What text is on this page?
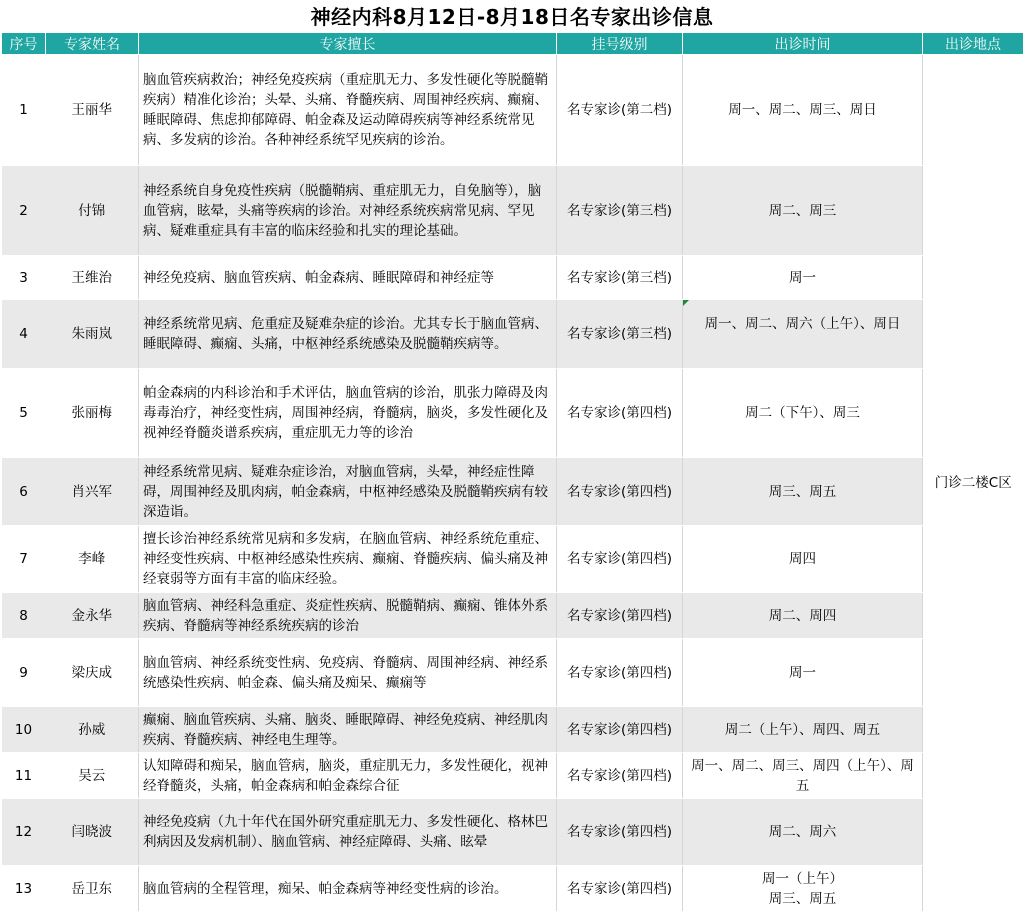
神经内科8月12日-8月18日名专家出诊信息
序号	专家姓名	专家擅长	挂号级别	出诊时间	出诊地点
1	王丽华	脑血管疾病救治；神经免疫疾病（重症肌无力、多发性硬化等脱髓鞘疾病）精准化诊治；头晕、头痛、脊髓疾病、周围神经疾病、癫痫、睡眠障碍、焦虑抑郁障碍、帕金森及运动障碍疾病等神经系统常见病、多发病的诊治。各种神经系统罕见疾病的诊治。	名专家诊(第二档)	周一、周二、周三、周日	门诊二楼C区
2	付锦	神经系统自身免疫性疾病（脱髓鞘病、重症肌无力，自免脑等），脑血管病，眩晕，头痛等疾病的诊治。对神经系统疾病常见病、罕见病、疑难重症具有丰富的临床经验和扎实的理论基础。	名专家诊(第三档)	周二、周三	
3	王维治	神经免疫病、脑血管疾病、帕金森病、睡眠障碍和神经症等	名专家诊(第三档)	周一	
4	朱雨岚	神经系统常见病、危重症及疑难杂症的诊治。尤其专长于脑血管病、睡眠障碍、癫痫、头痛，中枢神经系统感染及脱髓鞘疾病等。	名专家诊(第三档)	周一、周二、周六（上午）、周日	
5	张丽梅	帕金森病的内科诊治和手术评估，脑血管病的诊治，肌张力障碍及肉毒毒治疗，神经变性病，周围神经病，脊髓病，脑炎，多发性硬化及视神经脊髓炎谱系疾病，重症肌无力等的诊治	名专家诊(第四档)	周二（下午）、周三	
6	肖兴军	神经系统常见病、疑难杂症诊治，对脑血管病，头晕，神经症性障碍，周围神经及肌肉病，帕金森病，中枢神经感染及脱髓鞘疾病有较深造诣。	名专家诊(第四档)	周三、周五	
7	李峰	擅长诊治神经系统常见病和多发病，在脑血管病、神经系统危重症、神经变性疾病、中枢神经感染性疾病、癫痫、脊髓疾病、偏头痛及神经衰弱等方面有丰富的临床经验。	名专家诊(第四档)	周四	
8	金永华	脑血管病、神经科急重症、炎症性疾病、脱髓鞘病、癫痫、锥体外系疾病、脊髓病等神经系统疾病的诊治	名专家诊(第四档)	周二、周四	
9	梁庆成	脑血管病、神经系统变性病、免疫病、脊髓病、周围神经病、神经系统感染性疾病、帕金森、偏头痛及痴呆、癫痫等	名专家诊(第四档)	周一	
10	孙威	癫痫、脑血管疾病、头痛、脑炎、睡眠障碍、神经免疫病、神经肌肉疾病、脊髓疾病、神经电生理等。	名专家诊(第四档)	周二（上午）、周四、周五	
11	吴云	认知障碍和痴呆，脑血管病，脑炎，重症肌无力，多发性硬化，视神经脊髓炎，头痛，帕金森病和帕金森综合征	名专家诊(第四档)	周一、周二、周三、周四（上午）、周五	
12	闫晓波	神经免疫病（九十年代在国外研究重症肌无力、多发性硬化、格林巴利病因及发病机制）、脑血管病、神经症障碍、头痛、眩晕	名专家诊(第四档)	周二、周六	
13	岳卫东	脑血管病的全程管理，痴呆、帕金森病等神经变性病的诊治。	名专家诊(第四档)	周一（上午）
周三、周五	
